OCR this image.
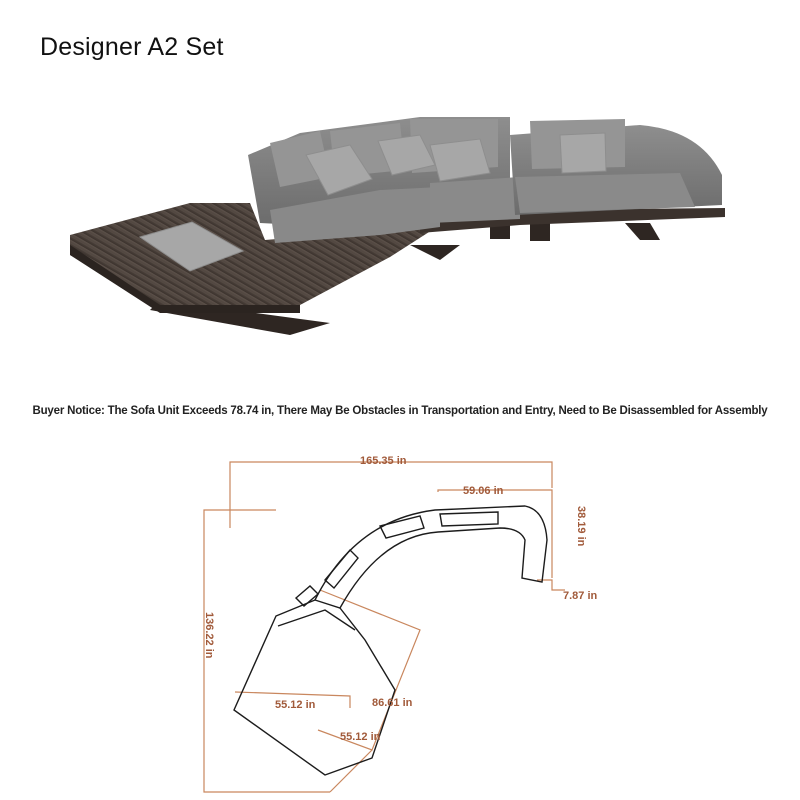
Designer A2 Set
Buyer Notice: The Sofa Unit Exceeds 78.74 in, There May Be Obstacles in Transportation and Entry, Need to Be Disassembled for Assembly
165.35 in
59.06 in
38.19 in
7.87 in
136.22 in
86.61 in
55.12 in
55.12 in
